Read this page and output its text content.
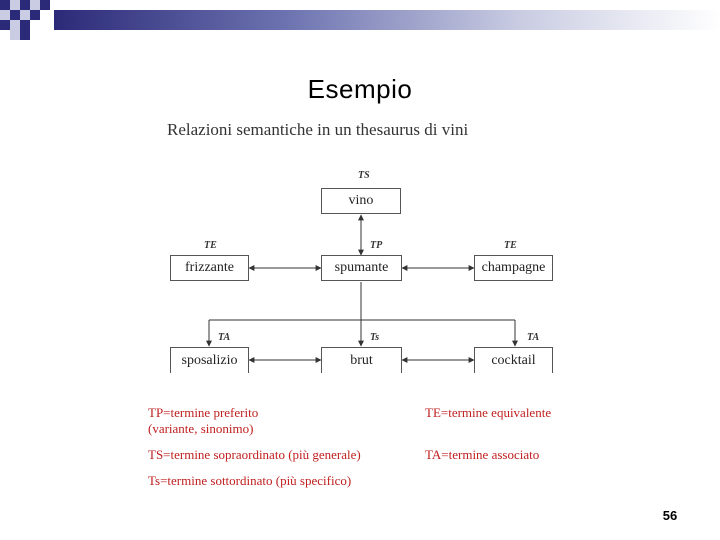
Esempio
Relazioni semantiche in un thesaurus di vini
TS
TP
TE	TE
TA	Ts	TA
vino
frizzante	spumante	champagne
sposalizio	brut	cocktail
TP=termine preferito
(variante, sinonimo)
TE=termine equivalente
TS=termine sopraordinato (più generale)	TA=termine associato
Ts=termine sottordinato (più specifico)
56
